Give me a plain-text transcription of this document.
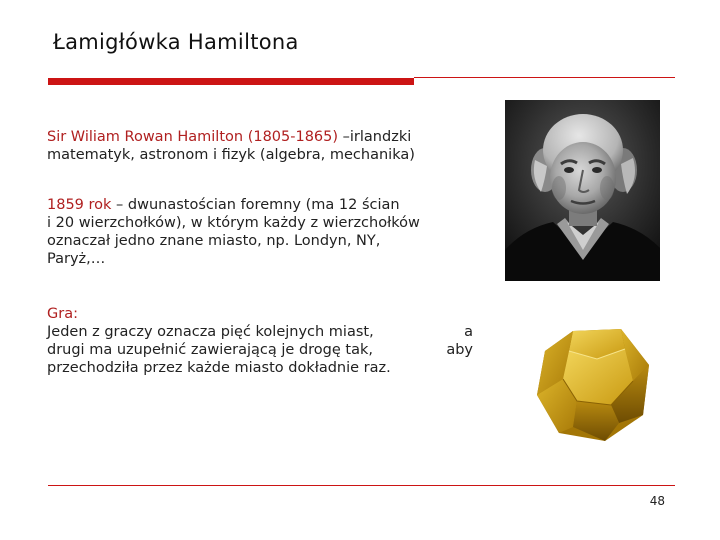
Łamigłówka Hamiltona
Sir Wiliam Rowan Hamilton (1805-1865) –irlandzki
matematyk, astronom i fizyk (algebra, mechanika)
1859 rok – dwunastościan foremny (ma 12 ścian
i 20 wierzchołków), w którym każdy z wierzchołków
oznaczał jedno znane miasto, np. Londyn, NY,
Paryż,…
Gra:
Jeden z graczy oznacza pięć kolejnych miast,	a
drugi ma uzupełnić zawierającą je drogę tak,	aby
przechodziła przez każde miasto dokładnie raz.
48
